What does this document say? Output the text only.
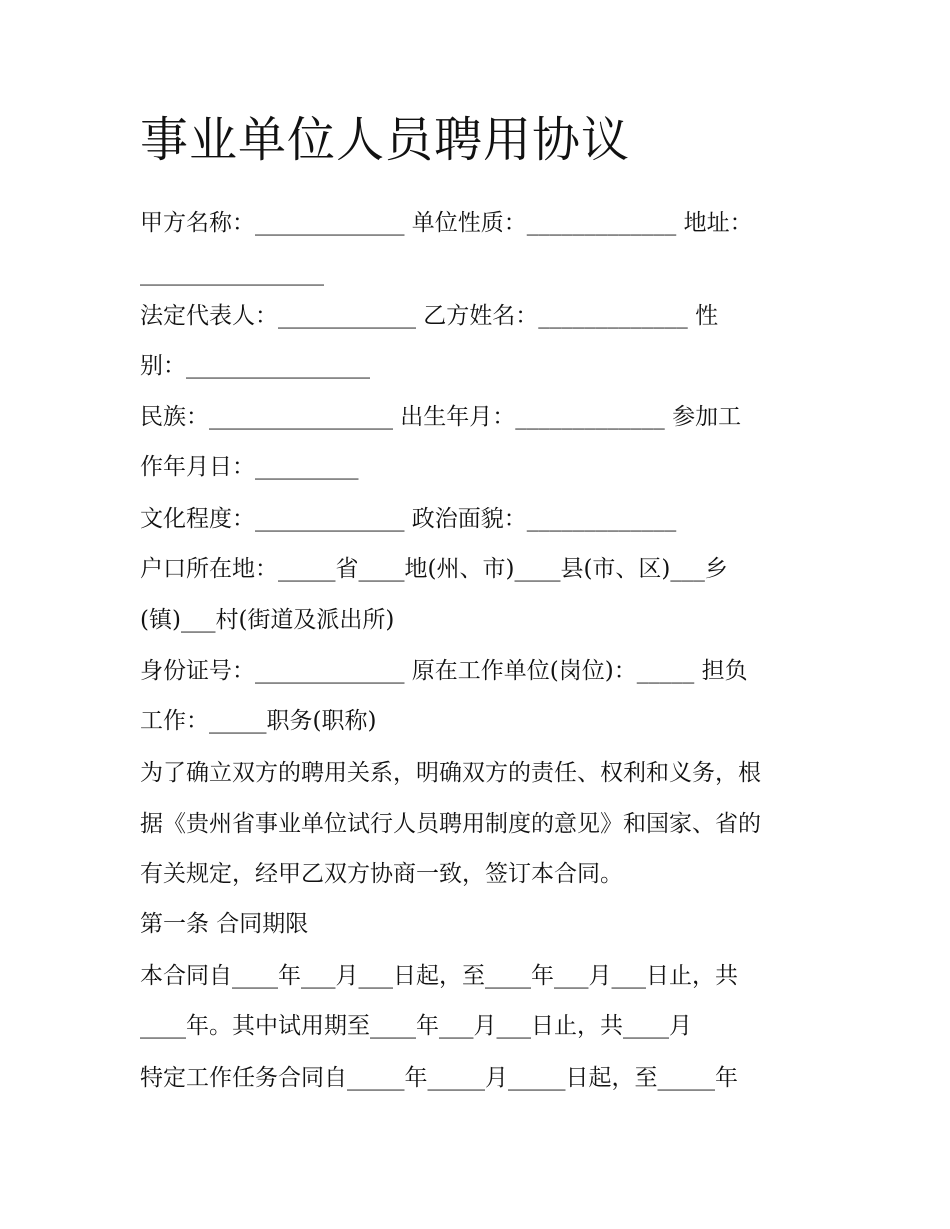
事业单位人员聘用协议

甲方名称：_____________ 单位性质：_____________ 地址：

________________

法定代表人：____________ 乙方姓名：_____________ 性

别：________________

民族：________________ 出生年月：_____________ 参加工

作年月日：_________

文化程度：_____________ 政治面貌：_____________

户口所在地：_____省____地(州、市)____县(市、区)___乡

(镇)___村(街道及派出所)

身份证号：_____________ 原在工作单位(岗位)：_____ 担负

工作：_____职务(职称)

为了确立双方的聘用关系，明确双方的责任、权利和义务，根

据《贵州省事业单位试行人员聘用制度的意见》和国家、省的

有关规定，经甲乙双方协商一致，签订本合同。

第一条 合同期限

本合同自____年___月___日起，至____年___月___日止，共

____年。其中试用期至____年___月___日止，共____月

特定工作任务合同自_____年_____月_____日起，至_____年
